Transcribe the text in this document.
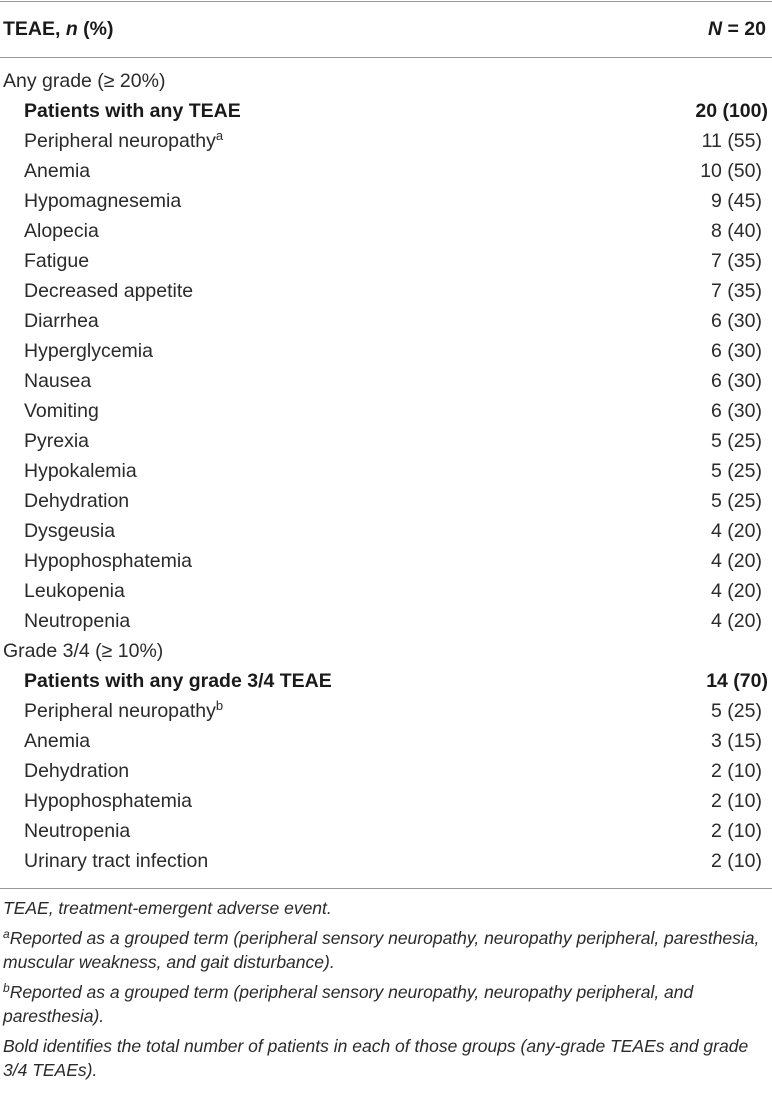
TEAE, n (%)	N = 20
Any grade (≥ 20%)
Patients with any TEAE	20 (100)
Peripheral neuropathy$^a$	11 (55)
Anemia	10 (50)
Hypomagnesemia	9 (45)
Alopecia	8 (40)
Fatigue	7 (35)
Decreased appetite	7 (35)
Diarrhea	6 (30)
Hyperglycemia	6 (30)
Nausea	6 (30)
Vomiting	6 (30)
Pyrexia	5 (25)
Hypokalemia	5 (25)
Dehydration	5 (25)
Dysgeusia	4 (20)
Hypophosphatemia	4 (20)
Leukopenia	4 (20)
Neutropenia	4 (20)
Grade 3/4 (≥ 10%)
Patients with any grade 3/4 TEAE	14 (70)
Peripheral neuropathy$^b$	5 (25)
Anemia	3 (15)
Dehydration	2 (10)
Hypophosphatemia	2 (10)
Neutropenia	2 (10)
Urinary tract infection	2 (10)

TEAE, treatment-emergent adverse event.

$^a$Reported as a grouped term (peripheral sensory neuropathy, neuropathy peripheral, paresthesia, muscular weakness, and gait disturbance).

$^b$Reported as a grouped term (peripheral sensory neuropathy, neuropathy peripheral, and paresthesia).

Bold identifies the total number of patients in each of those groups (any-grade TEAEs and grade 3/4 TEAEs).
